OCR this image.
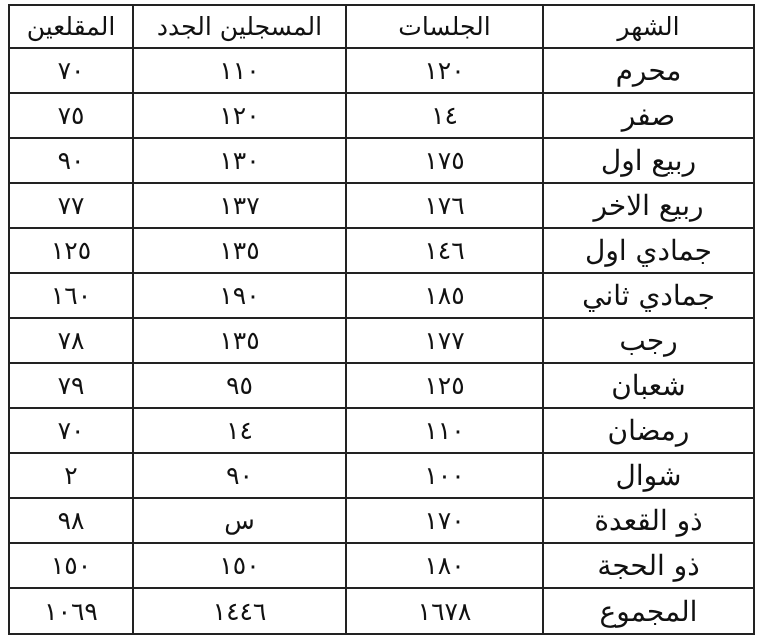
الشهر	الجلسات	المسجلين الجدد	المقلعين
محرم	١٢٠	١١٠	٧٠
صفر	١٤	١٢٠	٧٥
ربيع اول	١٧٥	١٣٠	٩٠
ربيع الاخر	١٧٦	١٣٧	٧٧
جمادي اول	١٤٦	١٣٥	١٢٥
جمادي ثاني	١٨٥	١٩٠	١٦٠
رجب	١٧٧	١٣٥	٧٨
شعبان	١٢٥	٩٥	٧٩
رمضان	١١٠	١٤	٧٠
شوال	١٠٠	٩٠	٢
ذو القعدة	١٧٠	س	٩٨
ذو الحجة	١٨٠	١٥٠	١٥٠
المجموع	١٦٧٨	١٤٤٦	١٠٦٩
